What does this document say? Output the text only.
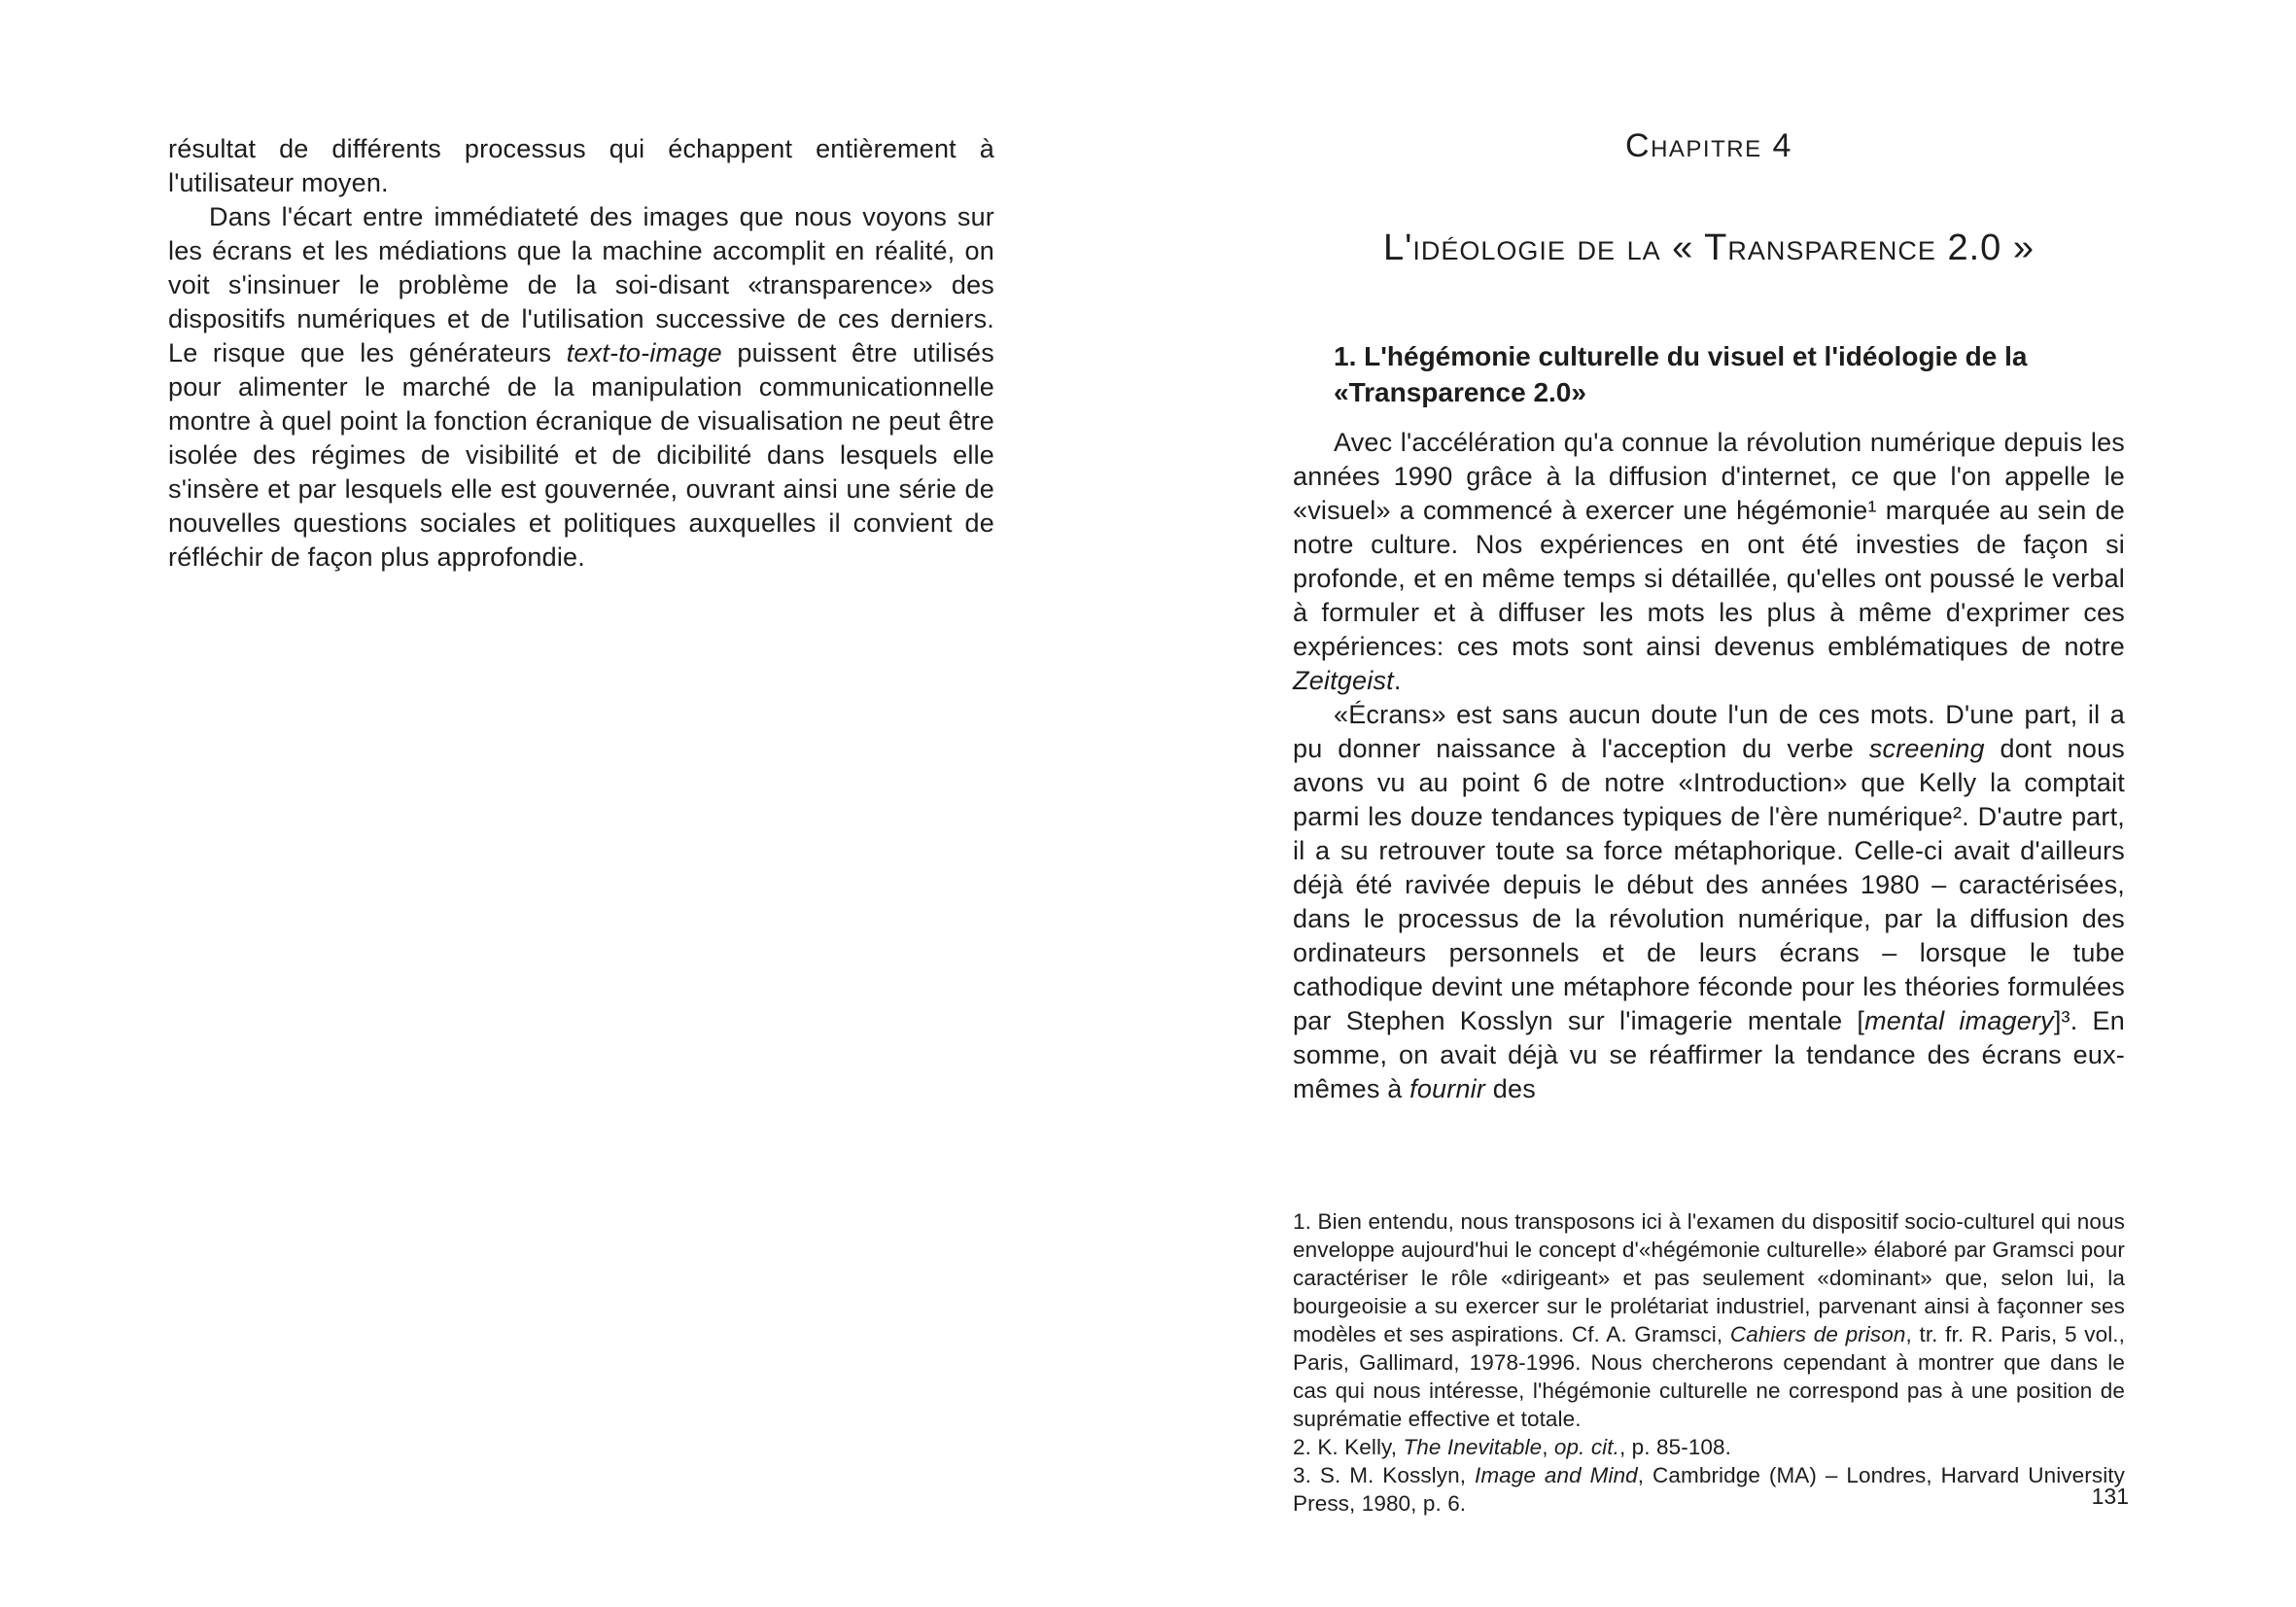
résultat de différents processus qui échappent entièrement à l'utilisateur moyen.

Dans l'écart entre immédiateté des images que nous voyons sur les écrans et les médiations que la machine accomplit en réalité, on voit s'insinuer le problème de la soi-disant «transparence» des dispositifs numériques et de l'utilisation successive de ces derniers. Le risque que les générateurs text-to-image puissent être utilisés pour alimenter le marché de la manipulation communicationnelle montre à quel point la fonction écranique de visualisation ne peut être isolée des régimes de visibilité et de dicibilité dans lesquels elle s'insère et par lesquels elle est gouvernée, ouvrant ainsi une série de nouvelles questions sociales et politiques auxquelles il convient de réfléchir de façon plus approfondie.

Chapitre 4
L'idéologie de la « Transparence 2.0 »
1. L'hégémonie culturelle du visuel et l'idéologie de la «Transparence 2.0»

Avec l'accélération qu'a connue la révolution numérique depuis les années 1990 grâce à la diffusion d'internet, ce que l'on appelle le «visuel» a commencé à exercer une hégémonie¹ marquée au sein de notre culture. Nos expériences en ont été investies de façon si profonde, et en même temps si détaillée, qu'elles ont poussé le verbal à formuler et à diffuser les mots les plus à même d'exprimer ces expériences: ces mots sont ainsi devenus emblématiques de notre Zeitgeist.

«Écrans» est sans aucun doute l'un de ces mots. D'une part, il a pu donner naissance à l'acception du verbe screening dont nous avons vu au point 6 de notre «Introduction» que Kelly la comptait parmi les douze tendances typiques de l'ère numérique². D'autre part, il a su retrouver toute sa force métaphorique. Celle-ci avait d'ailleurs déjà été ravivée depuis le début des années 1980 – caractérisées, dans le processus de la révolution numérique, par la diffusion des ordinateurs personnels et de leurs écrans – lorsque le tube cathodique devint une métaphore féconde pour les théories formulées par Stephen Kosslyn sur l'imagerie mentale [mental imagery]³. En somme, on avait déjà vu se réaffirmer la tendance des écrans eux-mêmes à fournir des

1. Bien entendu, nous transposons ici à l'examen du dispositif socio-culturel qui nous enveloppe aujourd'hui le concept d'«hégémonie culturelle» élaboré par Gramsci pour caractériser le rôle «dirigeant» et pas seulement «dominant» que, selon lui, la bourgeoisie a su exercer sur le prolétariat industriel, parvenant ainsi à façonner ses modèles et ses aspirations. Cf. A. Gramsci, Cahiers de prison, tr. fr. R. Paris, 5 vol., Paris, Gallimard, 1978-1996. Nous chercherons cependant à montrer que dans le cas qui nous intéresse, l'hégémonie culturelle ne correspond pas à une position de suprématie effective et totale.

2. K. Kelly, The Inevitable, op. cit., p. 85-108.

3. S. M. Kosslyn, Image and Mind, Cambridge (MA) – Londres, Harvard University Press, 1980, p. 6.	131
